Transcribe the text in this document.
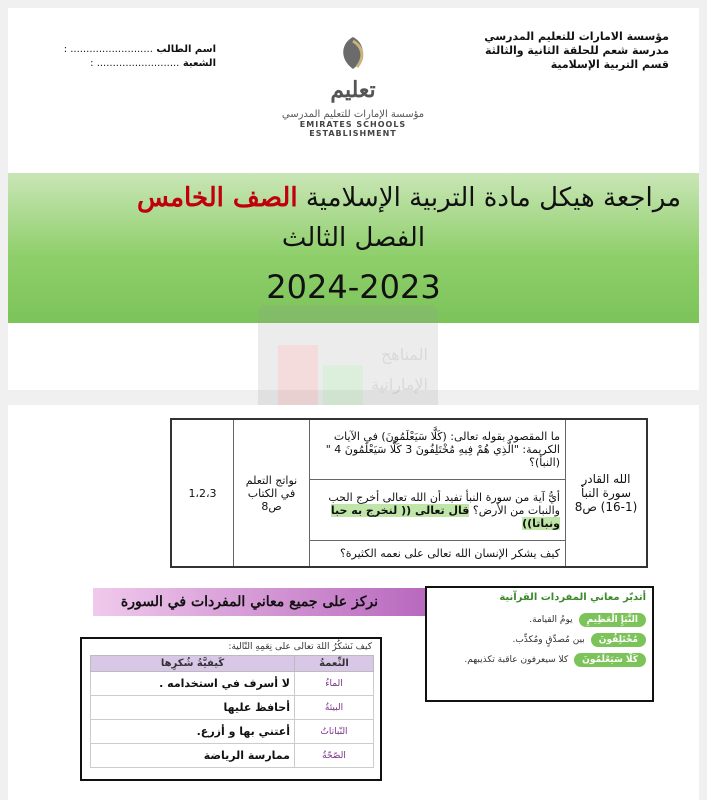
مؤسسة الامارات للتعليم المدرسي
مدرسة شعم للحلقة الثانية والثالثة
قسم التربية الإسلامية
اسم الطالب .......................... :
الشعبة .......................... :
تعليم
مؤسسة الإمارات للتعليم المدرسي
EMIRATES SCHOOLS ESTABLISHMENT
مراجعة هيكل مادة التربية الإسلامية الصف الخامس
الفصل الثالث
2024-2023
المناهج
الإماراتية
الله القادر سورة النبأ (1-16) ص8	ما المقصود بقوله تعالى: (كَلَّا سَيَعْلَمُونَ) في الآيات الكريمة: "الَّذِي هُمْ فِيهِ مُخْتَلِفُونَ 3 كَلَّا سَيَعْلَمُونَ 4 " (النبأ)؟	نواتج التعلم في الكتاب ص8	1،2،3
أيُّ آية من سورة النبأ تفيد أن الله تعالى أخرج الحب والنبات من الأرض؟ قال تعالى (( لنخرج به حبا ونباتا))
كيف يشكر الإنسان الله تعالى على نعمه الكثيرة؟
نركز على جميع معاني المفردات في السورة	أتدبّر معاني المفردات القرآنية
النَّبَإِ الْعَظِيمِ
يومُ القيامة.
مُخْتَلِفُونَ
بين مُصدِّقٍ ومُكذِّب.
كَلَّا سَيَعْلَمُونَ
كلا سيعرفون عاقبة تكذيبهم.
كيف نَشكُرُ اللهَ تعالى على نِعَمِهِ التّالية:
النِّعمةُ	كَيفيَّةُ شُكرِها
الماءُ	لا أسرف في استخدامه .
البيئةُ	أحافظ عليها
النّباتاتُ	أعتني بها و أزرع.
الصّحّةُ	ممارسة الرياضة
